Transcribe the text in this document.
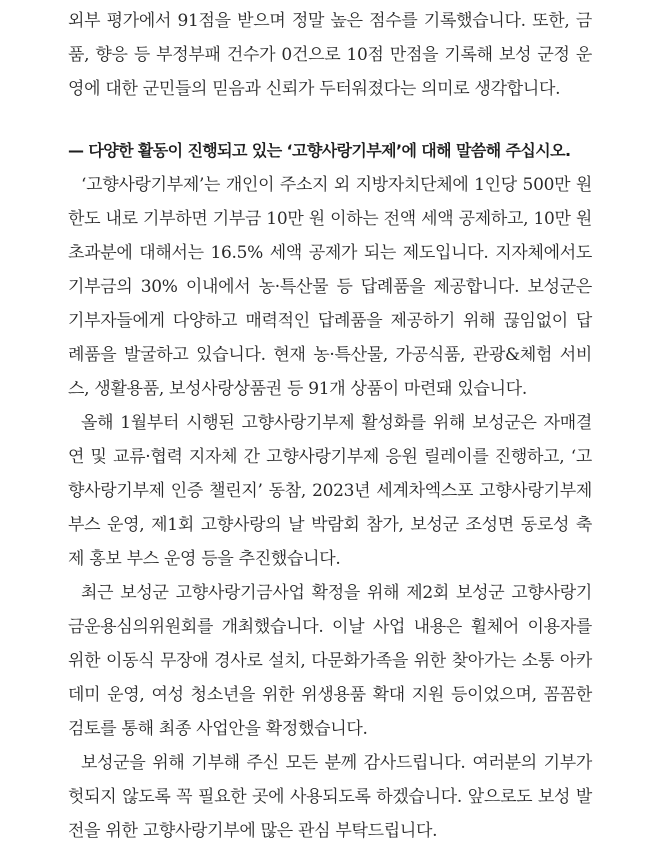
외부 평가에서 91점을 받으며 정말 높은 점수를 기록했습니다. 또한, 금
품, 향응 등 부정부패 건수가 0건으로 10점 만점을 기록해 보성 군정 운
영에 대한 군민들의 믿음과 신뢰가 두터워졌다는 의미로 생각합니다.
— 다양한 활동이 진행되고 있는 ‘고향사랑기부제’에 대해 말씀해 주십시오.
‘고향사랑기부제’는 개인이 주소지 외 지방자치단체에 1인당 500만 원
한도 내로 기부하면 기부금 10만 원 이하는 전액 세액 공제하고, 10만 원
초과분에 대해서는 16.5% 세액 공제가 되는 제도입니다. 지자체에서도
기부금의 30% 이내에서 농·특산물 등 답례품을 제공합니다. 보성군은
기부자들에게 다양하고 매력적인 답례품을 제공하기 위해 끊임없이 답
례품을 발굴하고 있습니다. 현재 농·특산물, 가공식품, 관광&체험 서비
스, 생활용품, 보성사랑상품권 등 91개 상품이 마련돼 있습니다.
올해 1월부터 시행된 고향사랑기부제 활성화를 위해 보성군은 자매결
연 및 교류·협력 지자체 간 고향사랑기부제 응원 릴레이를 진행하고, ‘고
향사랑기부제 인증 챌린지’ 동참, 2023년 세계차엑스포 고향사랑기부제
부스 운영, 제1회 고향사랑의 날 박람회 참가, 보성군 조성면 동로성 축
제 홍보 부스 운영 등을 추진했습니다.
최근 보성군 고향사랑기금사업 확정을 위해 제2회 보성군 고향사랑기
금운용심의위원회를 개최했습니다. 이날 사업 내용은 휠체어 이용자를
위한 이동식 무장애 경사로 설치, 다문화가족을 위한 찾아가는 소통 아카
데미 운영, 여성 청소년을 위한 위생용품 확대 지원 등이었으며, 꼼꼼한
검토를 통해 최종 사업안을 확정했습니다.
보성군을 위해 기부해 주신 모든 분께 감사드립니다. 여러분의 기부가
헛되지 않도록 꼭 필요한 곳에 사용되도록 하겠습니다. 앞으로도 보성 발
전을 위한 고향사랑기부에 많은 관심 부탁드립니다.
